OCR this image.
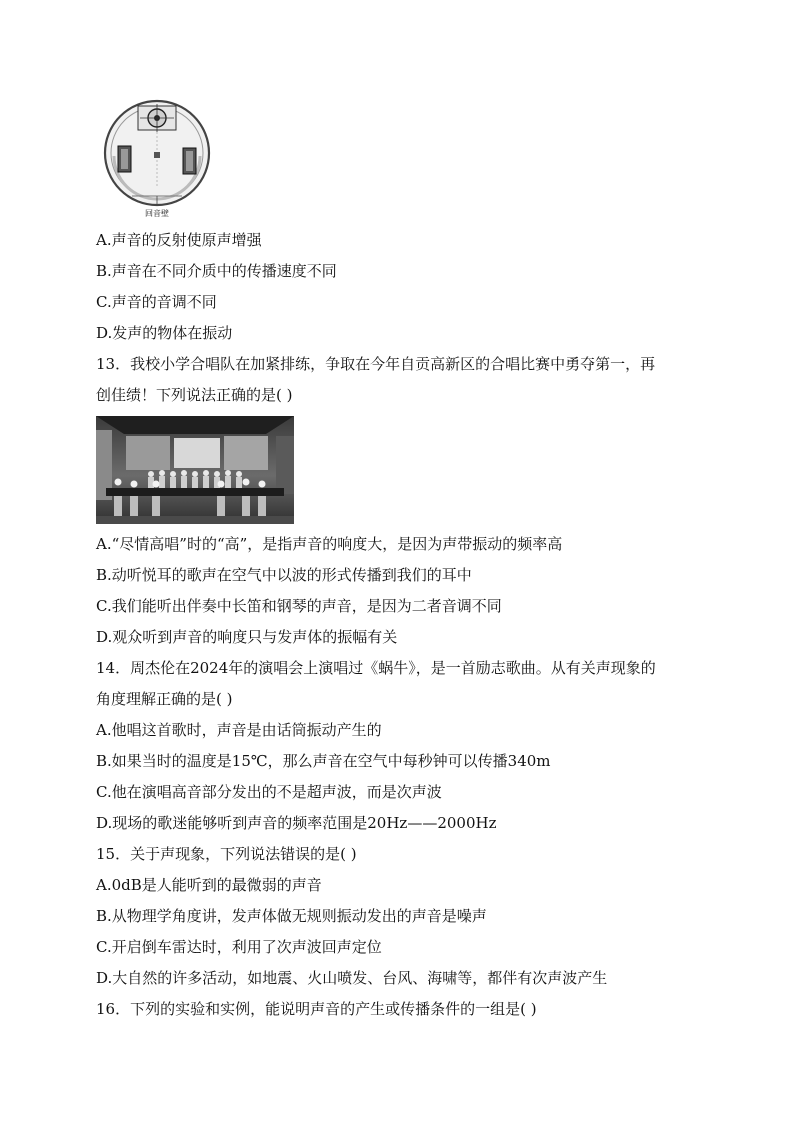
回音壁
A.声音的反射使原声增强
B.声音在不同介质中的传播速度不同
C.声音的音调不同
D.发声的物体在振动
13．我校小学合唱队在加紧排练，争取在今年自贡高新区的合唱比赛中勇夺第一，再
创佳绩！下列说法正确的是( )
A.“尽情高唱”时的“高”，是指声音的响度大，是因为声带振动的频率高
B.动听悦耳的歌声在空气中以波的形式传播到我们的耳中
C.我们能听出伴奏中长笛和钢琴的声音，是因为二者音调不同
D.观众听到声音的响度只与发声体的振幅有关
14．周杰伦在2024年的演唱会上演唱过《蜗牛》，是一首励志歌曲。从有关声现象的
角度理解正确的是( )
A.他唱这首歌时，声音是由话筒振动产生的
B.如果当时的温度是15℃，那么声音在空气中每秒钟可以传播340m
C.他在演唱高音部分发出的不是超声波，而是次声波
D.现场的歌迷能够听到声音的频率范围是20Hz——2000Hz
15．关于声现象，下列说法错误的是( )
A.0dB是人能听到的最微弱的声音
B.从物理学角度讲，发声体做无规则振动发出的声音是噪声
C.开启倒车雷达时，利用了次声波回声定位
D.大自然的许多活动，如地震、火山喷发、台风、海啸等，都伴有次声波产生
16．下列的实验和实例，能说明声音的产生或传播条件的一组是( )
